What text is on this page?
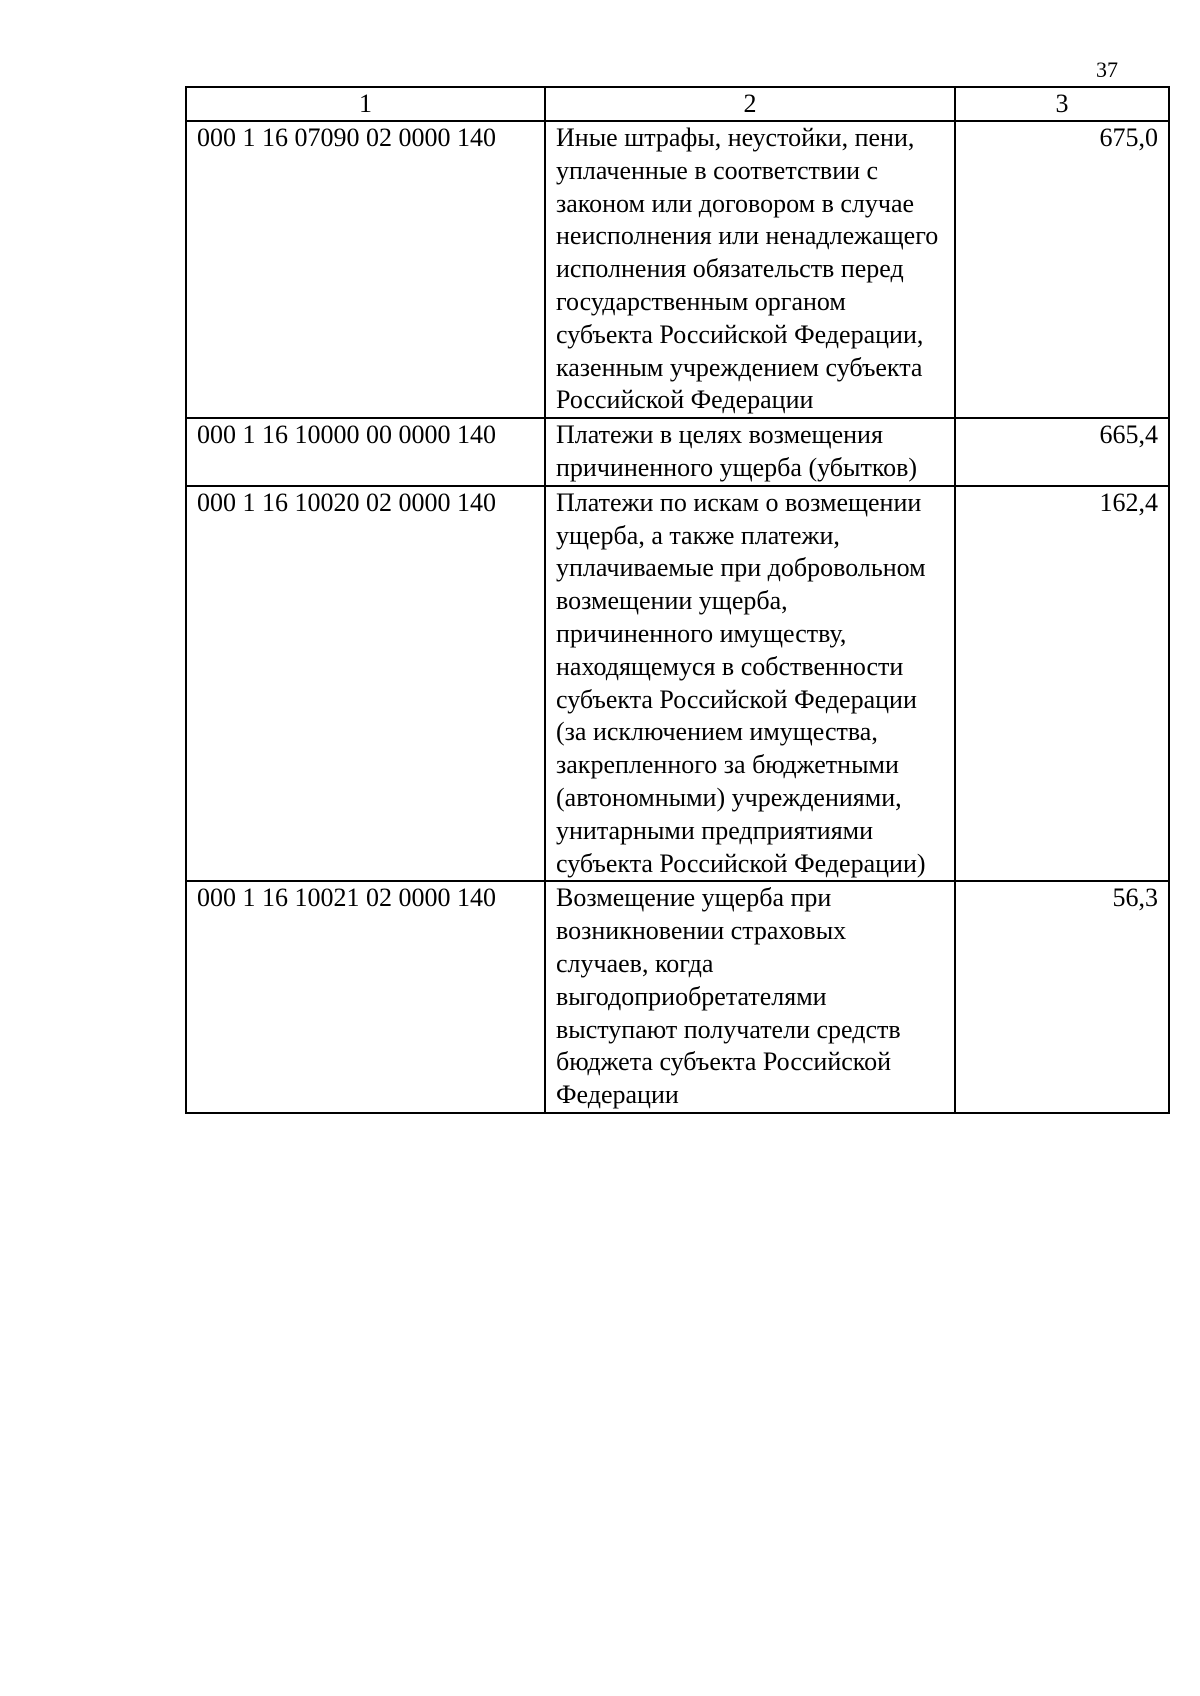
37
1	2	3
000 1 16 07090 02 0000 140	Иные штрафы, неустойки, пени, уплаченные в соответствии с законом или договором в случае неисполнения или ненадлежащего исполнения обязательств перед государственным органом субъекта Российской Федерации, казенным учреждением субъекта Российской Федерации	675,0
000 1 16 10000 00 0000 140	Платежи в целях возмещения причиненного ущерба (убытков)	665,4
000 1 16 10020 02 0000 140	Платежи по искам о возмещении ущерба, а также платежи, уплачиваемые при добровольном возмещении ущерба, причиненного имуществу, находящемуся в собственности субъекта Российской Федерации (за исключением имущества, закрепленного за бюджетными (автономными) учреждениями, унитарными предприятиями субъекта Российской Федерации)	162,4
000 1 16 10021 02 0000 140	Возмещение ущерба при возникновении страховых случаев, когда выгодоприобретателями выступают получатели средств бюджета субъекта Российской Федерации	56,3
